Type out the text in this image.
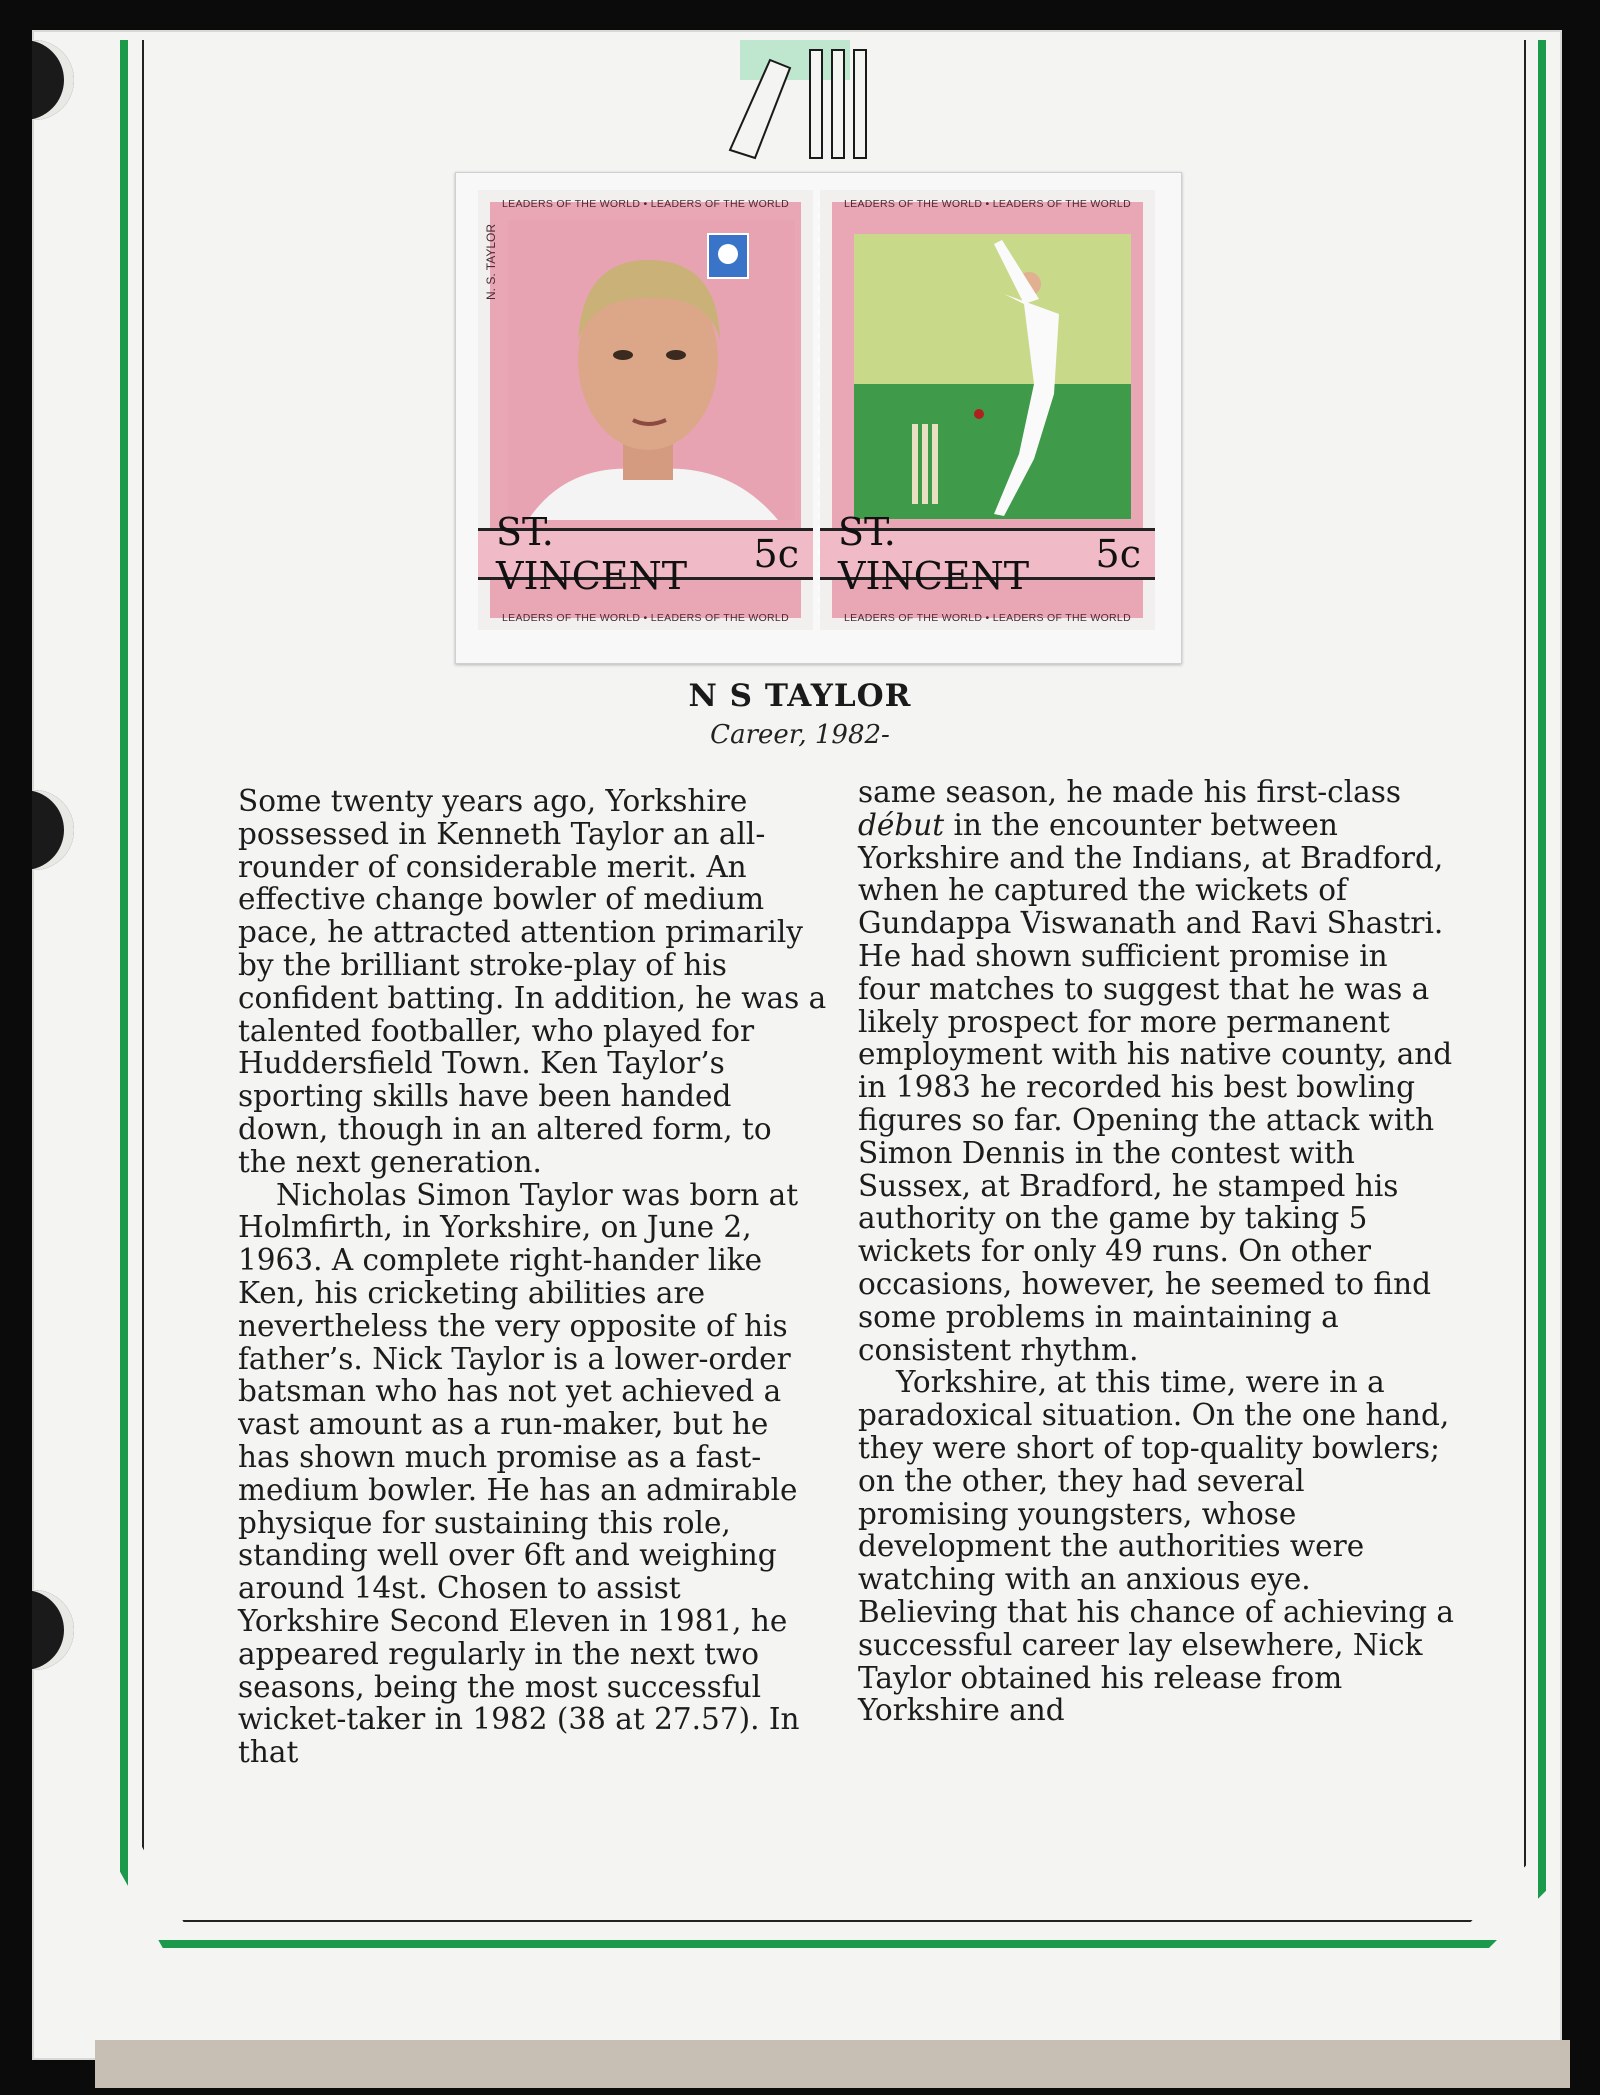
LEADERS OF THE WORLD • LEADERS OF THE WORLD
N. S. TAYLOR
ST. VINCENT	5c
LEADERS OF THE WORLD • LEADERS OF THE WORLD
LEADERS OF THE WORLD • LEADERS OF THE WORLD
ST. VINCENT	5c
LEADERS OF THE WORLD • LEADERS OF THE WORLD
N S TAYLOR
Career, 1982-

Some twenty years ago, Yorkshire possessed in Kenneth Taylor an all-rounder of considerable merit. An effective change bowler of medium pace, he attracted attention primarily by the brilliant stroke-play of his confident batting. In addition, he was a talented footballer, who played for Huddersfield Town. Ken Taylor’s sporting skills have been handed down, though in an altered form, to the next generation.

Nicholas Simon Taylor was born at Holmfirth, in Yorkshire, on June 2, 1963. A complete right-hander like Ken, his cricketing abilities are nevertheless the very opposite of his father’s. Nick Taylor is a lower-order batsman who has not yet achieved a vast amount as a run-maker, but he has shown much promise as a fast-medium bowler. He has an admirable physique for sustaining this role, standing well over 6ft and weighing around 14st. Chosen to assist Yorkshire Second Eleven in 1981, he appeared regularly in the next two seasons, being the most successful wicket-taker in 1982 (38 at 27.57). In that

same season, he made his first-class début in the encounter between Yorkshire and the Indians, at Bradford, when he captured the wickets of Gundappa Viswanath and Ravi Shastri. He had shown sufficient promise in four matches to suggest that he was a likely prospect for more permanent employment with his native county, and in 1983 he recorded his best bowling figures so far. Opening the attack with Simon Dennis in the contest with Sussex, at Bradford, he stamped his authority on the game by taking 5 wickets for only 49 runs. On other occasions, however, he seemed to find some problems in maintaining a consistent rhythm.

Yorkshire, at this time, were in a paradoxical situation. On the one hand, they were short of top-quality bowlers; on the other, they had several promising youngsters, whose development the authorities were watching with an anxious eye. Believing that his chance of achieving a successful career lay elsewhere, Nick Taylor obtained his release from Yorkshire and
